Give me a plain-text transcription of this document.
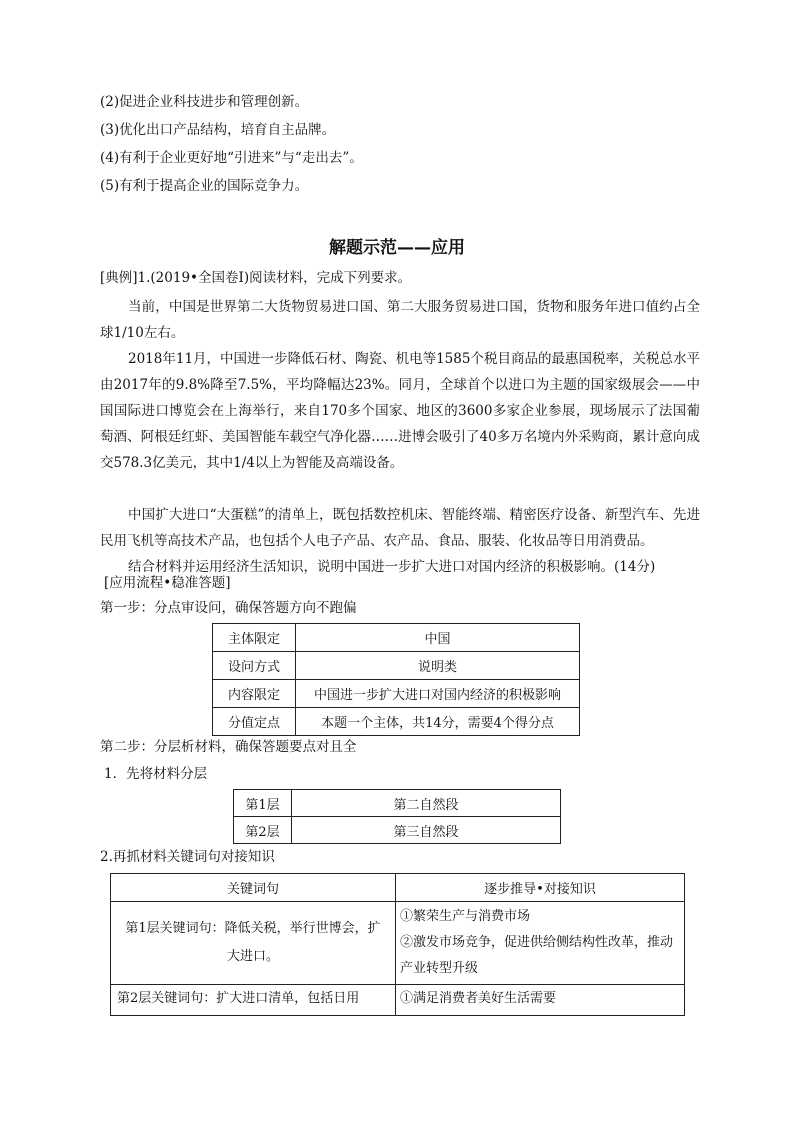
(2)促进企业科技进步和管理创新。
(3)优化出口产品结构，培育自主品牌。
(4)有利于企业更好地“引进来”与“走出去”。
(5)有利于提高企业的国际竞争力。
解题示范——应用
[典例]1.(2019•全国卷Ⅰ)阅读材料，完成下列要求。
当前，中国是世界第二大货物贸易进口国、第二大服务贸易进口国，货物和服务年进口值约占全球1/10左右。
2018年11月，中国进一步降低石材、陶瓷、机电等1585个税目商品的最惠国税率，关税总水平由2017年的9.8%降至7.5%，平均降幅达23%。同月，全球首个以进口为主题的国家级展会——中国国际进口博览会在上海举行，来自170多个国家、地区的3600多家企业参展，现场展示了法国葡萄酒、阿根廷红虾、美国智能车载空气净化器……进博会吸引了40多万名境内外采购商，累计意向成交578.3亿美元，其中1/4以上为智能及高端设备。
中国扩大进口“大蛋糕”的清单上，既包括数控机床、智能终端、精密医疗设备、新型汽车、先进民用飞机等高技术产品，也包括个人电子产品、农产品、食品、服装、化妆品等日用消费品。
结合材料并运用经济生活知识，说明中国进一步扩大进口对国内经济的积极影响。(14分)
[应用流程•稳准答题]
第一步：分点审设问，确保答题方向不跑偏
主体限定	中国
设问方式	说明类
内容限定	中国进一步扩大进口对国内经济的积极影响
分值定点	本题一个主体，共14分，需要4个得分点
第二步：分层析材料，确保答题要点对且全
1．先将材料分层
第1层	第二自然段
第2层	第三自然段
2.再抓材料关键词句对接知识
关键词句	逐步推导•对接知识
第1层关键词句：降低关税，举行世博会，扩大进口。	①繁荣生产与消费市场
②激发市场竞争，促进供给侧结构性改革，推动产业转型升级

第2层关键词句：扩大进口清单，包括日用	①满足消费者美好生活需要
